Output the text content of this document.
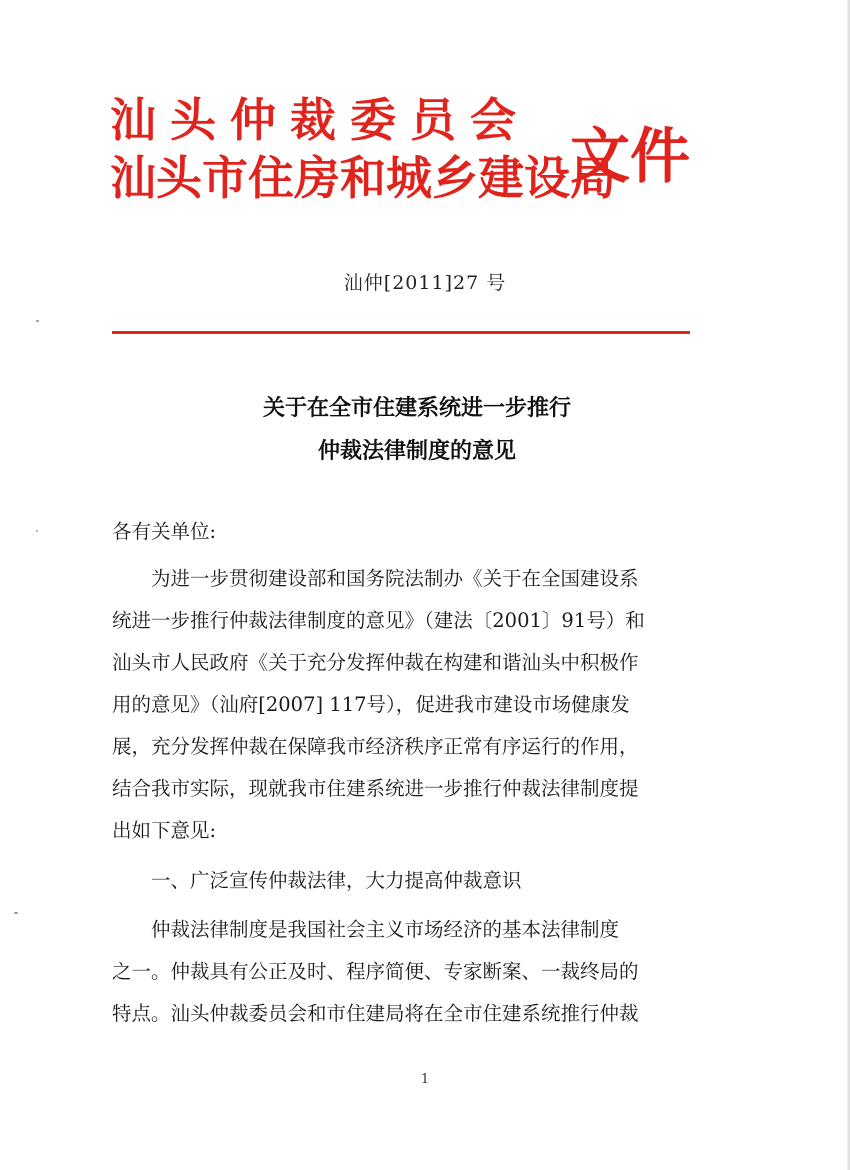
汕头仲裁委员会
汕头市住房和城乡建设局
文件
汕仲[2011]27 号
关于在全市住建系统进一步推行
仲裁法律制度的意见
各有关单位:
　　为进一步贯彻建设部和国务院法制办《关于在全国建设系
统进一步推行仲裁法律制度的意见》（建法〔2001〕91号）和
汕头市人民政府《关于充分发挥仲裁在构建和谐汕头中积极作
用的意见》（汕府[2007] 117号），促进我市建设市场健康发
展，充分发挥仲裁在保障我市经济秩序正常有序运行的作用，
结合我市实际，现就我市住建系统进一步推行仲裁法律制度提
出如下意见:
　　一、广泛宣传仲裁法律，大力提高仲裁意识
　　仲裁法律制度是我国社会主义市场经济的基本法律制度
之一。仲裁具有公正及时、程序简便、专家断案、一裁终局的
特点。汕头仲裁委员会和市住建局将在全市住建系统推行仲裁
1
